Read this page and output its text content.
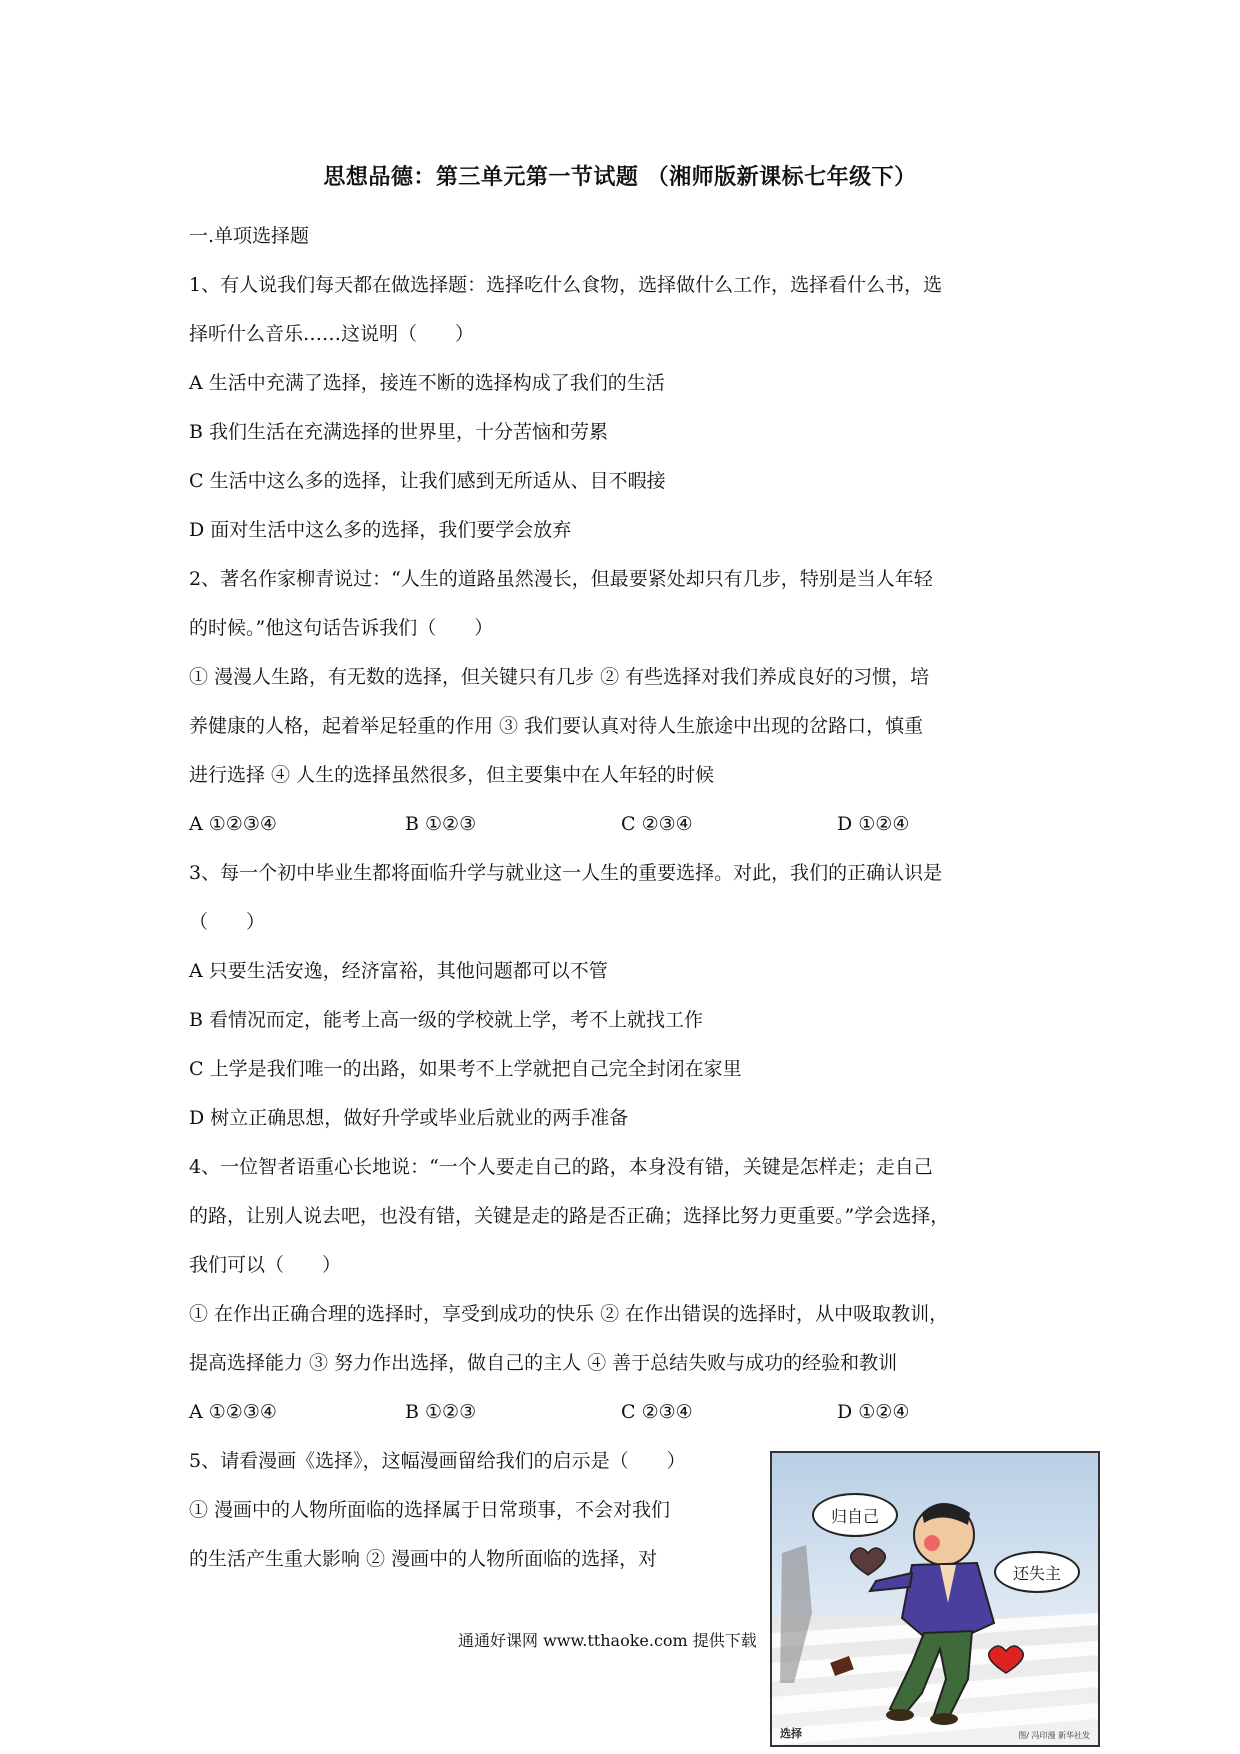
思想品德：第三单元第一节试题 （湘师版新课标七年级下）
一.单项选择题
1、有人说我们每天都在做选择题：选择吃什么食物，选择做什么工作，选择看什么书，选
择听什么音乐……这说明（　　）
A 生活中充满了选择，接连不断的选择构成了我们的生活
B 我们生活在充满选择的世界里，十分苦恼和劳累
C 生活中这么多的选择，让我们感到无所适从、目不暇接
D 面对生活中这么多的选择，我们要学会放弃
2、著名作家柳青说过：“人生的道路虽然漫长，但最要紧处却只有几步，特别是当人年轻
的时候。”他这句话告诉我们（　　）
① 漫漫人生路，有无数的选择，但关键只有几步 ② 有些选择对我们养成良好的习惯，培
养健康的人格，起着举足轻重的作用 ③ 我们要认真对待人生旅途中出现的岔路口，慎重
进行选择 ④ 人生的选择虽然很多，但主要集中在人年轻的时候
A ①②③④	B ①②③	C ②③④	D ①②④
3、每一个初中毕业生都将面临升学与就业这一人生的重要选择。对此，我们的正确认识是
（　　）
A 只要生活安逸，经济富裕，其他问题都可以不管
B 看情况而定，能考上高一级的学校就上学，考不上就找工作
C 上学是我们唯一的出路，如果考不上学就把自己完全封闭在家里
D 树立正确思想，做好升学或毕业后就业的两手准备
4、一位智者语重心长地说：“一个人要走自己的路，本身没有错，关键是怎样走；走自己
的路，让别人说去吧，也没有错，关键是走的路是否正确；选择比努力更重要。”学会选择，
我们可以（　　）
① 在作出正确合理的选择时，享受到成功的快乐 ② 在作出错误的选择时，从中吸取教训，
提高选择能力 ③ 努力作出选择，做自己的主人 ④ 善于总结失败与成功的经验和教训
A ①②③④	B ①②③	C ②③④	D ①②④
5、请看漫画《选择》，这幅漫画留给我们的启示是（　　）
① 漫画中的人物所面临的选择属于日常琐事，不会对我们
的生活产生重大影响 ② 漫画中的人物所面临的选择，对
通通好课网 www.tthaoke.com 提供下载
归自己
还失主
选择	图/ 冯印漫 新华社发
